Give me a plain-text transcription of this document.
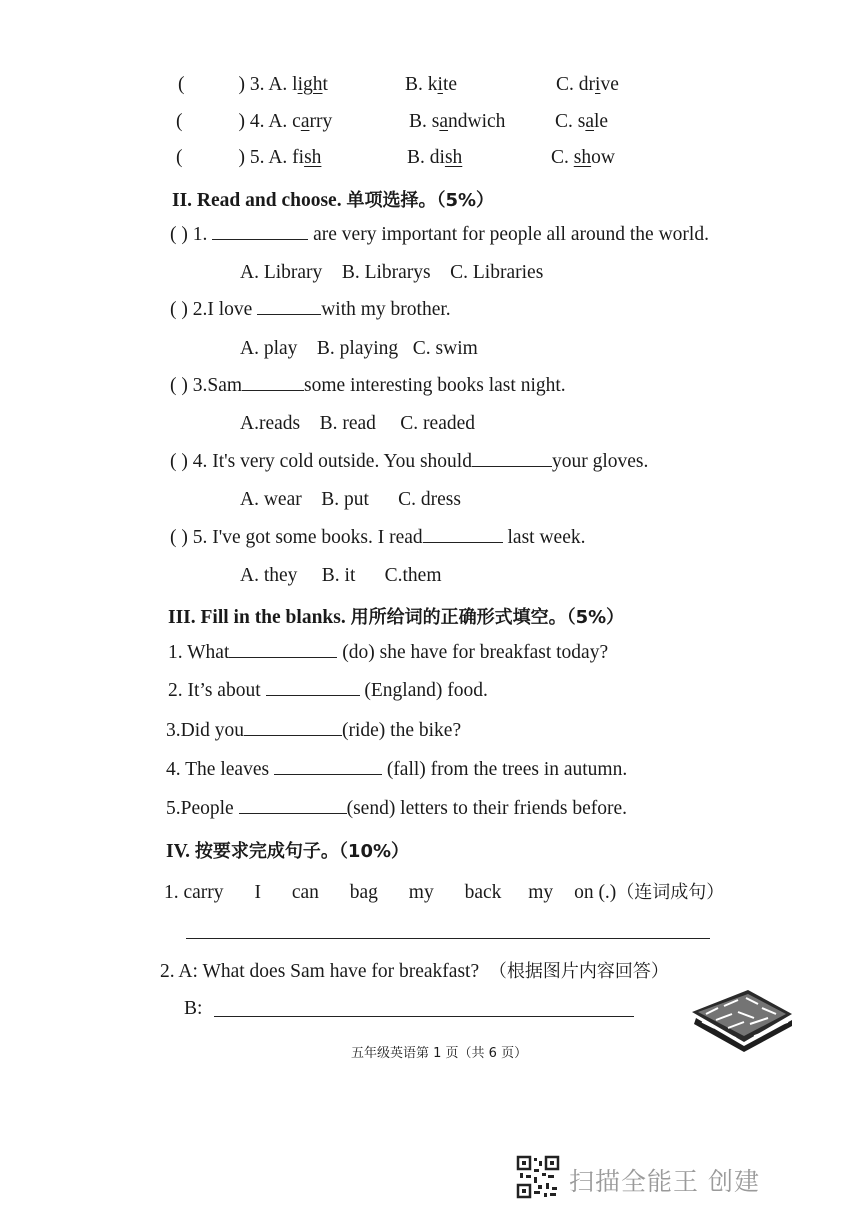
(	) 3. A. light	B. kite	C. drive
(	) 4. A. carry	B. sandwich	C. sale
(	) 5. A. fish	B. dish	C. show
II. Read and choose. 单项选择。（5%）
( ) 1.	are very important for people all around the world.
A. Library B. Librarys C. Libraries
( ) 2.I love	with my brother.
A. play B. playing C. swim
( ) 3.Sam	some interesting books last night.
A.reads B. read C. readed
( ) 4. It's very cold outside. You should	your gloves.
A. wear B. put C. dress
( ) 5. I've got some books. I read	last week.
A. they B. it C.them
III. Fill in the blanks. 用所给词的正确形式填空。（5%）
1. What	(do) she have for breakfast today?
2. It’s about	(England) food.
3.Did you	(ride) the bike?
4. The leaves	(fall) from the trees in autumn.
5.People	(send) letters to their friends before.
IV. 按要求完成句子。（10%）
1. carry I can bag my back my on (.)（连词成句）
2. A: What does Sam have for breakfast? （根据图片内容回答）
B:
五年级英语第 1 页（共 6 页）
扫描全能王 创建
